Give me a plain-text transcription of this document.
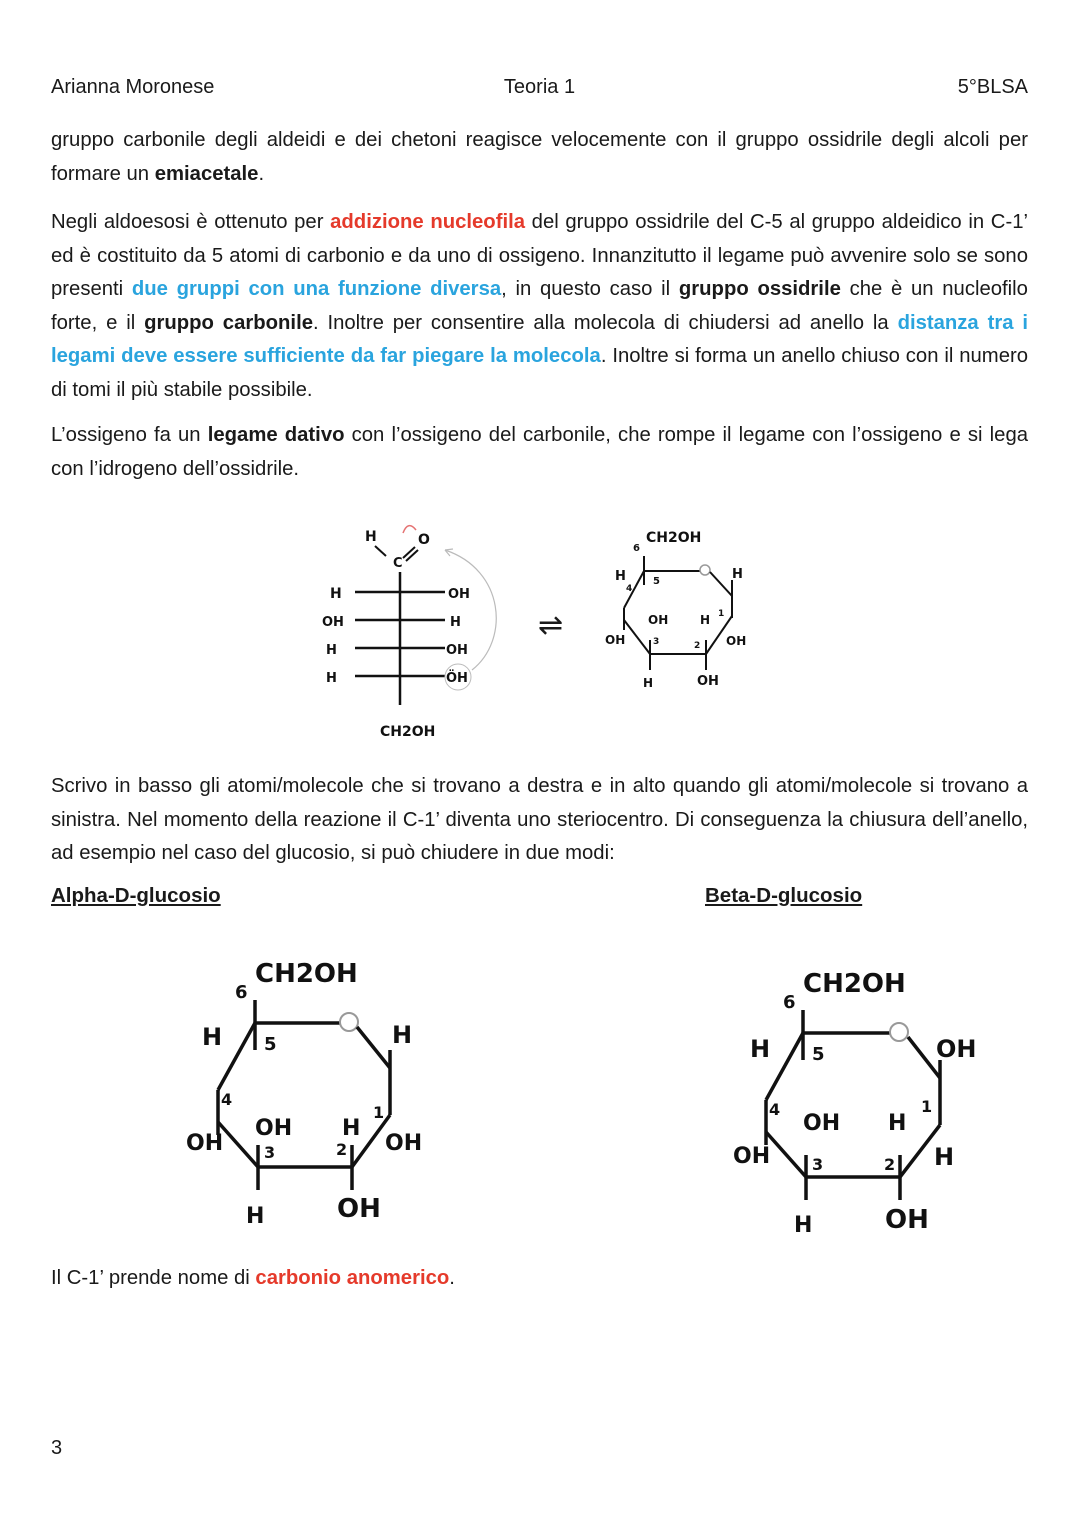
Arianna Moronese	Teoria 1	5°BLSA

gruppo carbonile degli aldeidi e dei chetoni reagisce velocemente con il gruppo ossidrile degli alcoli per formare un emiacetale.

Negli aldoesosi è ottenuto per addizione nucleofila del gruppo ossidrile del C-5 al gruppo aldeidico in C-1’ ed è costituito da 5 atomi di carbonio e da uno di ossigeno. Innanzitutto il legame può avvenire solo se sono presenti due gruppi con una funzione diversa, in questo caso il gruppo ossidrile che è un nucleofilo forte, e il gruppo carbonile. Inoltre per consentire alla molecola di chiudersi ad anello la distanza tra i legami deve essere sufficiente da far piegare la molecola. Inoltre si forma un anello chiuso con il numero di tomi il più stabile possibile.

L’ossigeno fa un legame dativo con l’ossigeno del carbonile, che rompe il legame con l’ossigeno e si lega con l’idrogeno dell’ossidrile.

H
C
O
H
OH
H
H
OH
H
OH
ÖH
CH2OH
⇌
6
CH2OH
H	5	H
4
OH	H 1
OH	3	2 OH
H	OH

Scrivo in basso gli atomi/molecole che si trovano a destra e in alto quando gli atomi/molecole si trovano a sinistra. Nel momento della reazione il C-1’ diventa uno steriocentro. Di conseguenza la chiusura dell’anello, ad esempio nel caso del glucosio, si può chiudere in due modi:

Alpha-D-glucosio	Beta-D-glucosio
6
CH2OH
H 5	H
4
OH H
1
OH	3	2 OH
H	OH
6
CH2OH
H 5	OH
4
OH H
1
OH	3	2 H
H	OH

Il C-1’ prende nome di carbonio anomerico.

3
